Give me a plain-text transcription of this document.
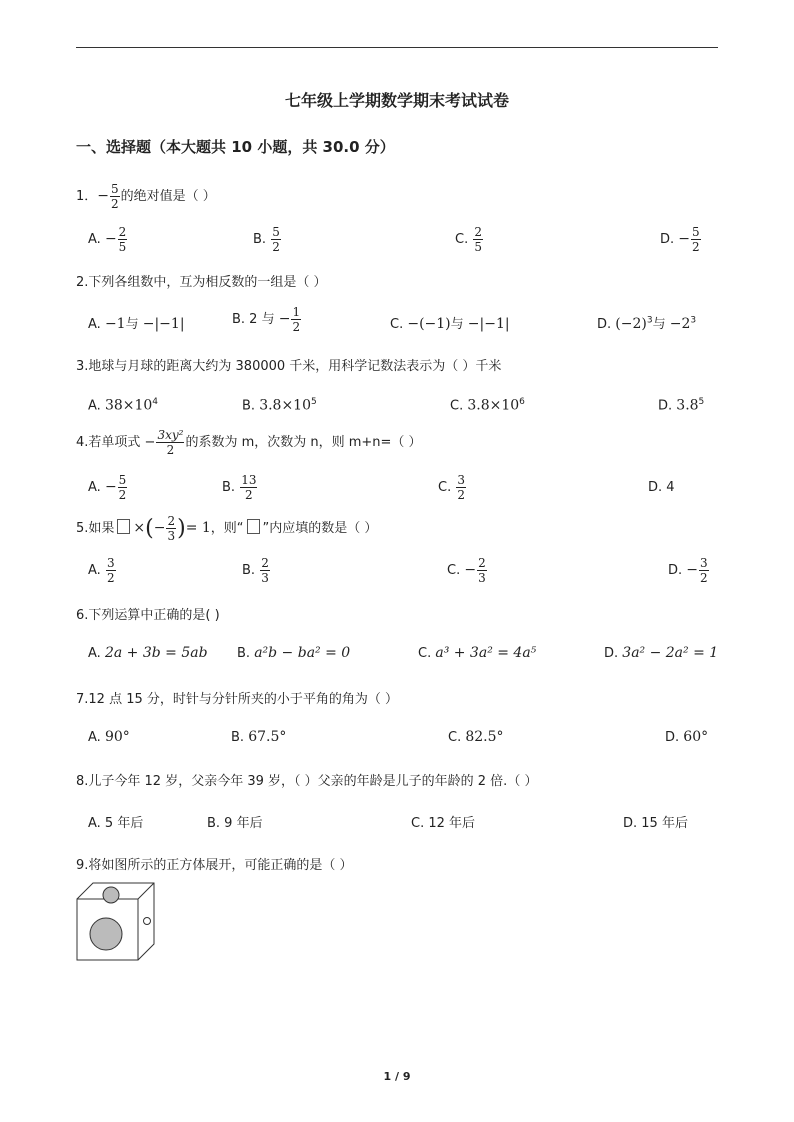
七年级上学期数学期末考试试卷
一、选择题（本大题共 10 小题，共 30.0 分）
1．− $\frac{5}{2}$ 的绝对值是（ ）
A. − $\frac{2}{5}$	B. $\frac{5}{2}$	C. $\frac{2}{5}$	D. − $\frac{5}{2}$
2.下列各组数中，互为相反数的一组是（ ）
A. −1与 −|−1|	B. 2 与 − $\frac{1}{2}$	C. −(−1)与 −|−1|	D. $(-2)^3$与 $-2^3$
3.地球与月球的距离大约为 380000 千米，用科学记数法表示为（ ）千米
A. $38\times 10^4$	B. $3.8\times 10^5$	C. $3.8\times 10^6$	D. $3.8^5$
4.若单项式 − $\frac{\text{3xy²}}{2}$ 的系数为 m，次数为 n，则 m+n=（ ）
A. − $\frac{5}{2}$	B. $\frac{13}{2}$	C. $\frac{3}{2}$	D. 4
5.如果 ×(− $\frac{2}{3}$ )= 1，则“ ”内应填的数是（ ）
A. $\frac{3}{2}$	B. $\frac{2}{3}$	C. − $\frac{2}{3}$	D. − $\frac{3}{2}$
6.下列运算中正确的是( )
A. 2a + 3b = 5ab B. a²b − ba² = 0	C. a³ + 3a² = 4a⁵	D. 3a² − 2a² = 1
7.12 点 15 分，时针与分针所夹的小于平角的角为（ ）
A. 90°	B. 67.5°	C. 82.5°	D. 60°
8.儿子今年 12 岁，父亲今年 39 岁，（ ）父亲的年龄是儿子的年龄的 2 倍.（ ）
A. 5 年后	B. 9 年后	C. 12 年后	D. 15 年后
9.将如图所示的正方体展开，可能正确的是（ ）
1 / 9
